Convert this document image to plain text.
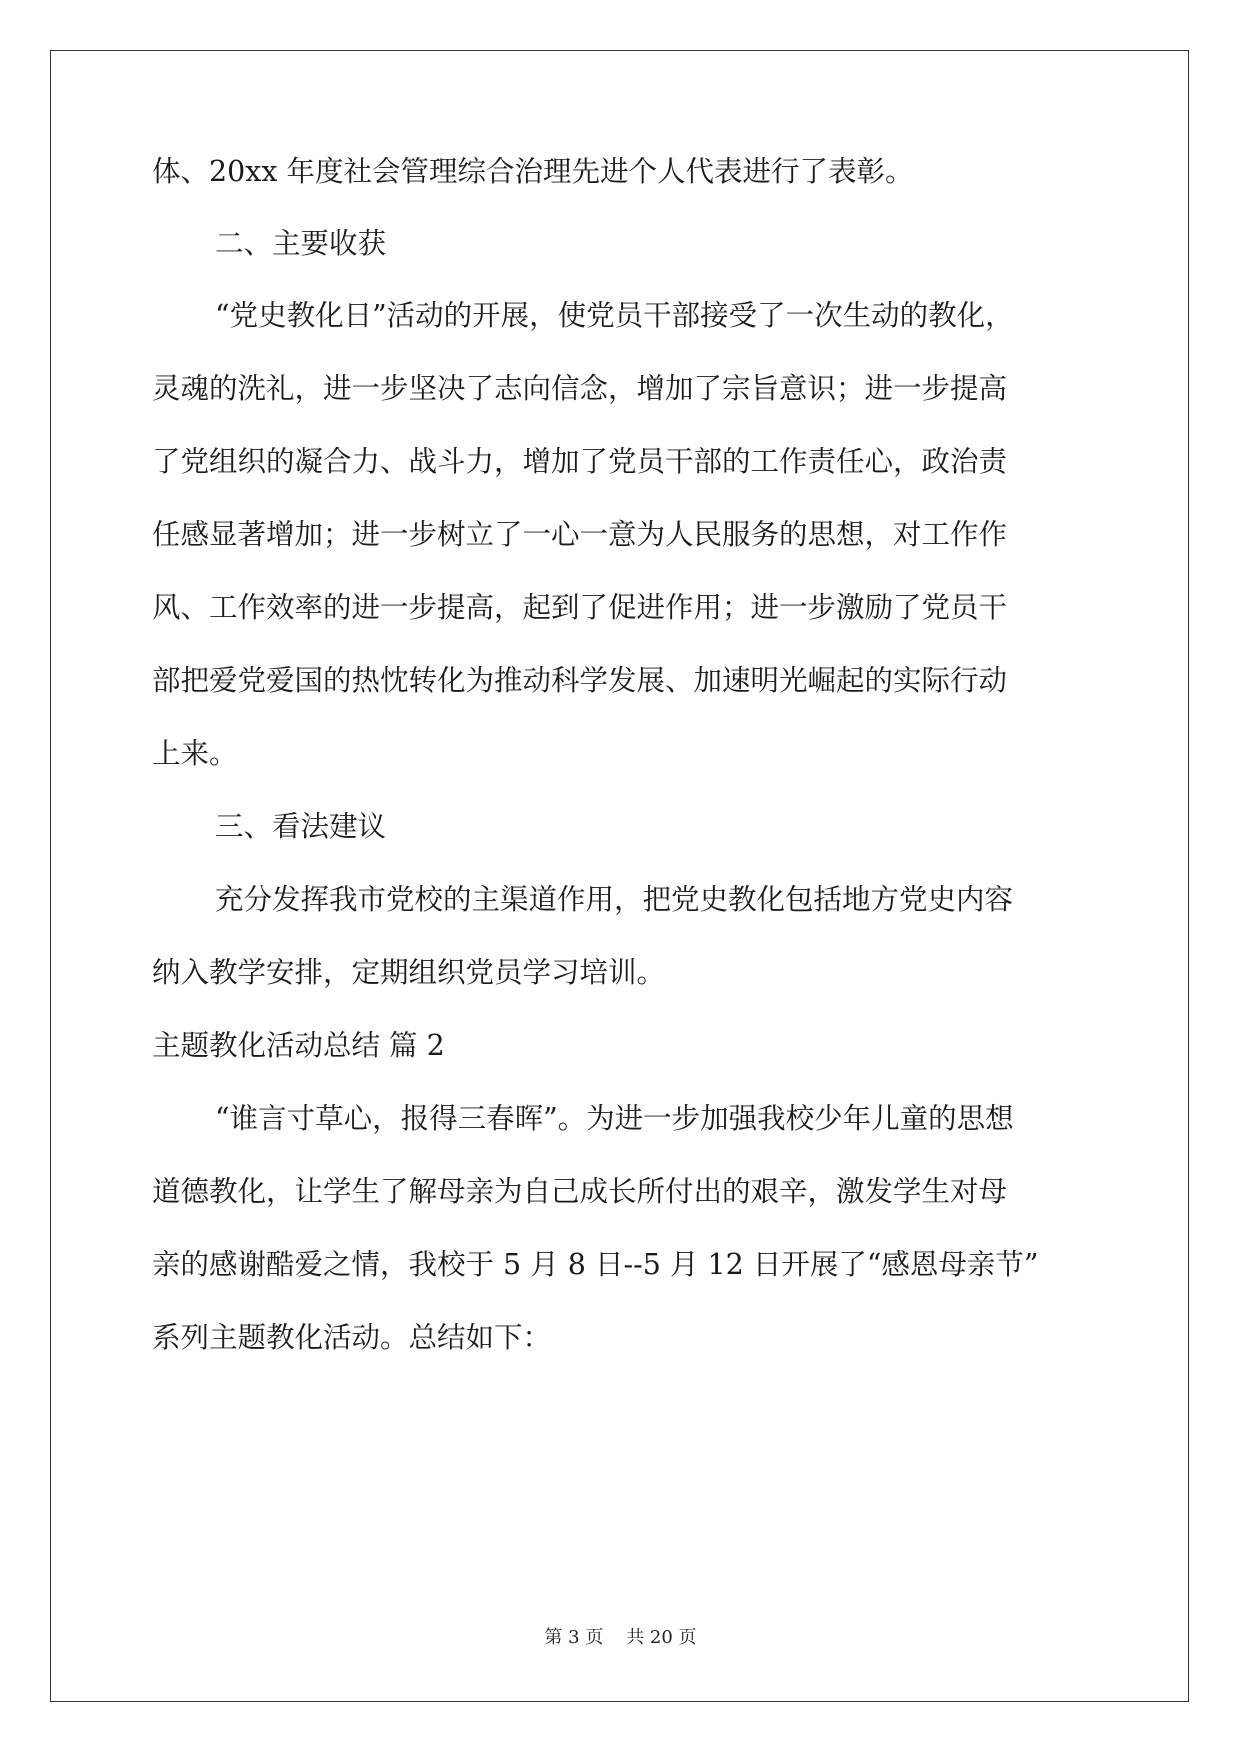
体、20xx 年度社会管理综合治理先进个人代表进行了表彰。
二、主要收获
“党史教化日”活动的开展，使党员干部接受了一次生动的教化，
灵魂的洗礼，进一步坚决了志向信念，增加了宗旨意识；进一步提高
了党组织的凝合力、战斗力，增加了党员干部的工作责任心，政治责
任感显著增加；进一步树立了一心一意为人民服务的思想，对工作作
风、工作效率的进一步提高，起到了促进作用；进一步激励了党员干
部把爱党爱国的热忱转化为推动科学发展、加速明光崛起的实际行动
上来。
三、看法建议
充分发挥我市党校的主渠道作用，把党史教化包括地方党史内容
纳入教学安排，定期组织党员学习培训。
主题教化活动总结 篇 2
“谁言寸草心，报得三春晖”。为进一步加强我校少年儿童的思想
道德教化，让学生了解母亲为自己成长所付出的艰辛，激发学生对母
亲的感谢酷爱之情，我校于 5 月 8 日--5 月 12 日开展了“感恩母亲节”
系列主题教化活动。总结如下：
第 3 页    共 20 页
